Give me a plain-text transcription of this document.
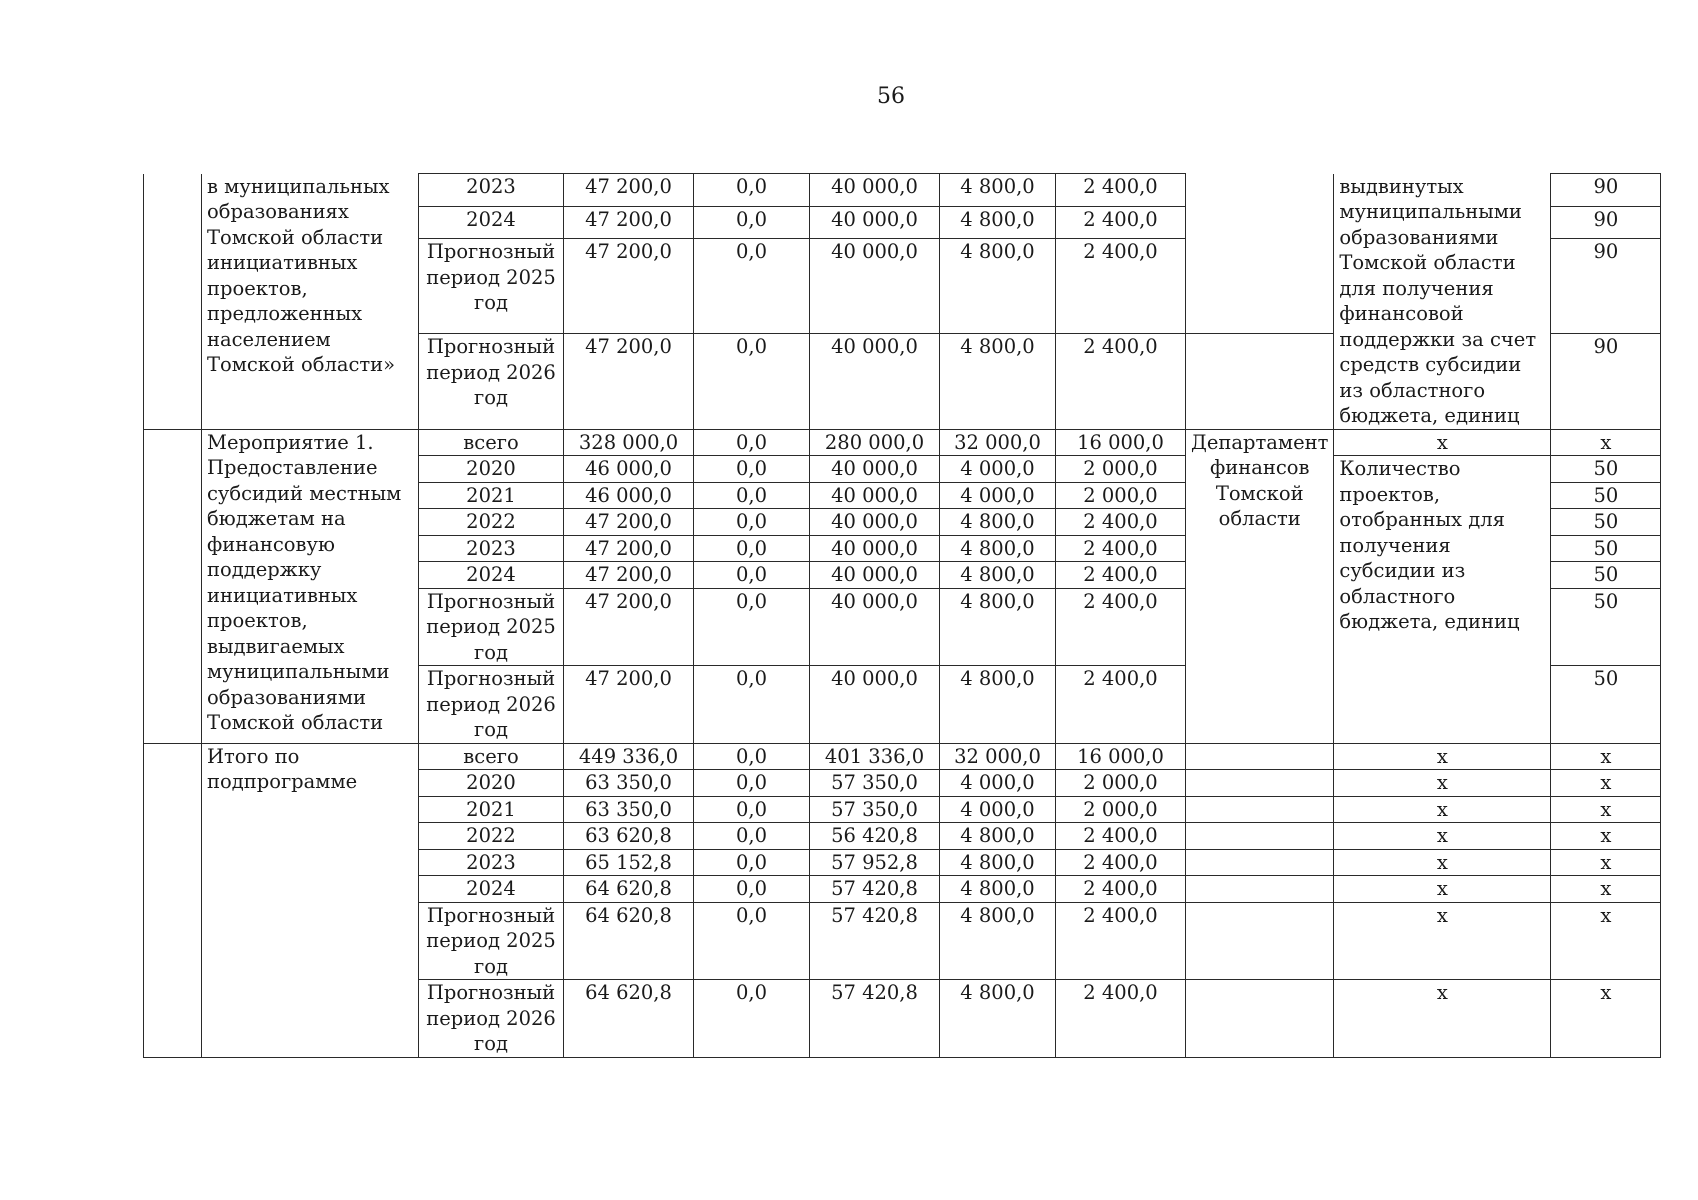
56
	в муниципальных образованиях Томской области инициативных проектов, предложенных населением Томской области»	2023	47 200,0	0,0	40 000,0	4 800,0	2 400,0		выдвинутых муниципальными образованиями Томской области для получения финансовой поддержки за счет средств субсидии из областного бюджета, единиц	90
		2024	47 200,0	0,0	40 000,0	4 800,0	2 400,0			90
		Прогнозный период 2025 год	47 200,0	0,0	40 000,0	4 800,0	2 400,0			90
		Прогнозный период 2026 год	47 200,0	0,0	40 000,0	4 800,0	2 400,0			90
	Мероприятие 1. Предоставление субсидий местным бюджетам на финансовую поддержку инициативных проектов, выдвигаемых муниципальными образованиями Томской области	всего	328 000,0	0,0	280 000,0	32 000,0	16 000,0	Департамент финансов Томской области	х	х
		2020	46 000,0	0,0	40 000,0	4 000,0	2 000,0		Количество проектов, отобранных для получения субсидии из областного бюджета, единиц	50
		2021	46 000,0	0,0	40 000,0	4 000,0	2 000,0			50
		2022	47 200,0	0,0	40 000,0	4 800,0	2 400,0			50
		2023	47 200,0	0,0	40 000,0	4 800,0	2 400,0			50
		2024	47 200,0	0,0	40 000,0	4 800,0	2 400,0			50
		Прогнозный период 2025 год	47 200,0	0,0	40 000,0	4 800,0	2 400,0			50
		Прогнозный период 2026 год	47 200,0	0,0	40 000,0	4 800,0	2 400,0			50
	Итого по подпрограмме	всего	449 336,0	0,0	401 336,0	32 000,0	16 000,0		х	х
		2020	63 350,0	0,0	57 350,0	4 000,0	2 000,0		х	х
		2021	63 350,0	0,0	57 350,0	4 000,0	2 000,0		х	х
		2022	63 620,8	0,0	56 420,8	4 800,0	2 400,0		х	х
		2023	65 152,8	0,0	57 952,8	4 800,0	2 400,0		х	х
		2024	64 620,8	0,0	57 420,8	4 800,0	2 400,0		х	х
		Прогнозный период 2025 год	64 620,8	0,0	57 420,8	4 800,0	2 400,0		х	х
		Прогнозный период 2026 год	64 620,8	0,0	57 420,8	4 800,0	2 400,0		х	х
